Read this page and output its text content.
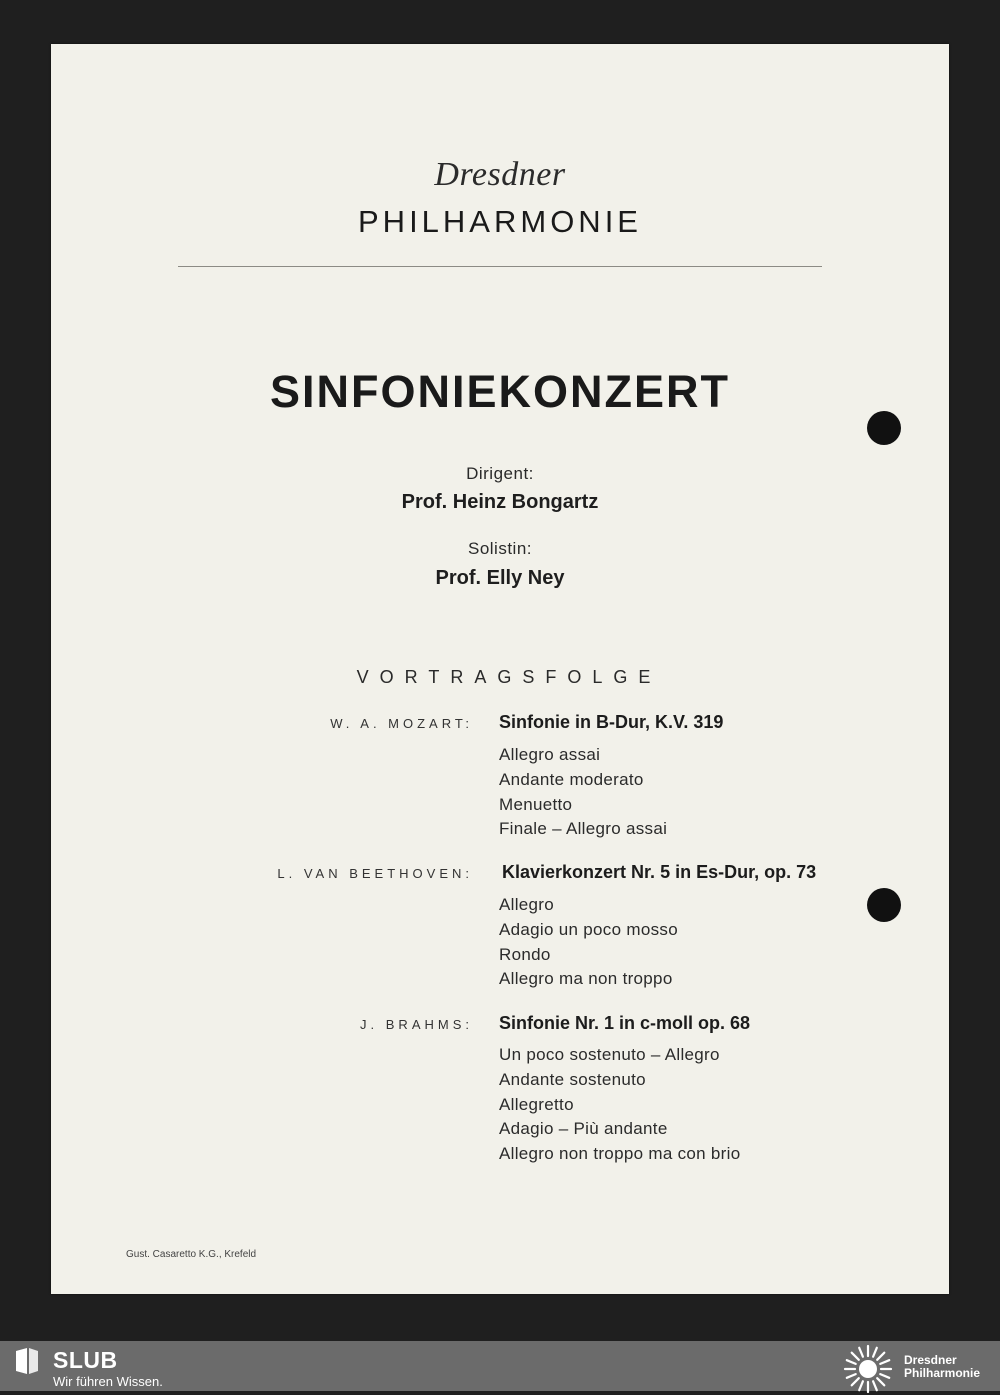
Dresdner
PHILHARMONIE
SINFONIEKONZERT
Dirigent:
Prof. Heinz Bongartz
Solistin:
Prof. Elly Ney
VORTRAGSFOLGE
W. A. MOZART: Sinfonie in B-Dur, K.V. 319
Allegro assai
Andante moderato
Menuetto
Finale – Allegro assai
L. VAN BEETHOVEN: Klavierkonzert Nr. 5 in Es-Dur, op. 73
Allegro
Adagio un poco mosso
Rondo
Allegro ma non troppo
J. BRAHMS: Sinfonie Nr. 1 in c-moll op. 68
Un poco sostenuto – Allegro
Andante sostenuto
Allegretto
Adagio – Più andante
Allegro non troppo ma con brio
Gust. Casaretto K.G., Krefeld
SLUB
Wir führen Wissen.
Dresdner
Philharmonie
